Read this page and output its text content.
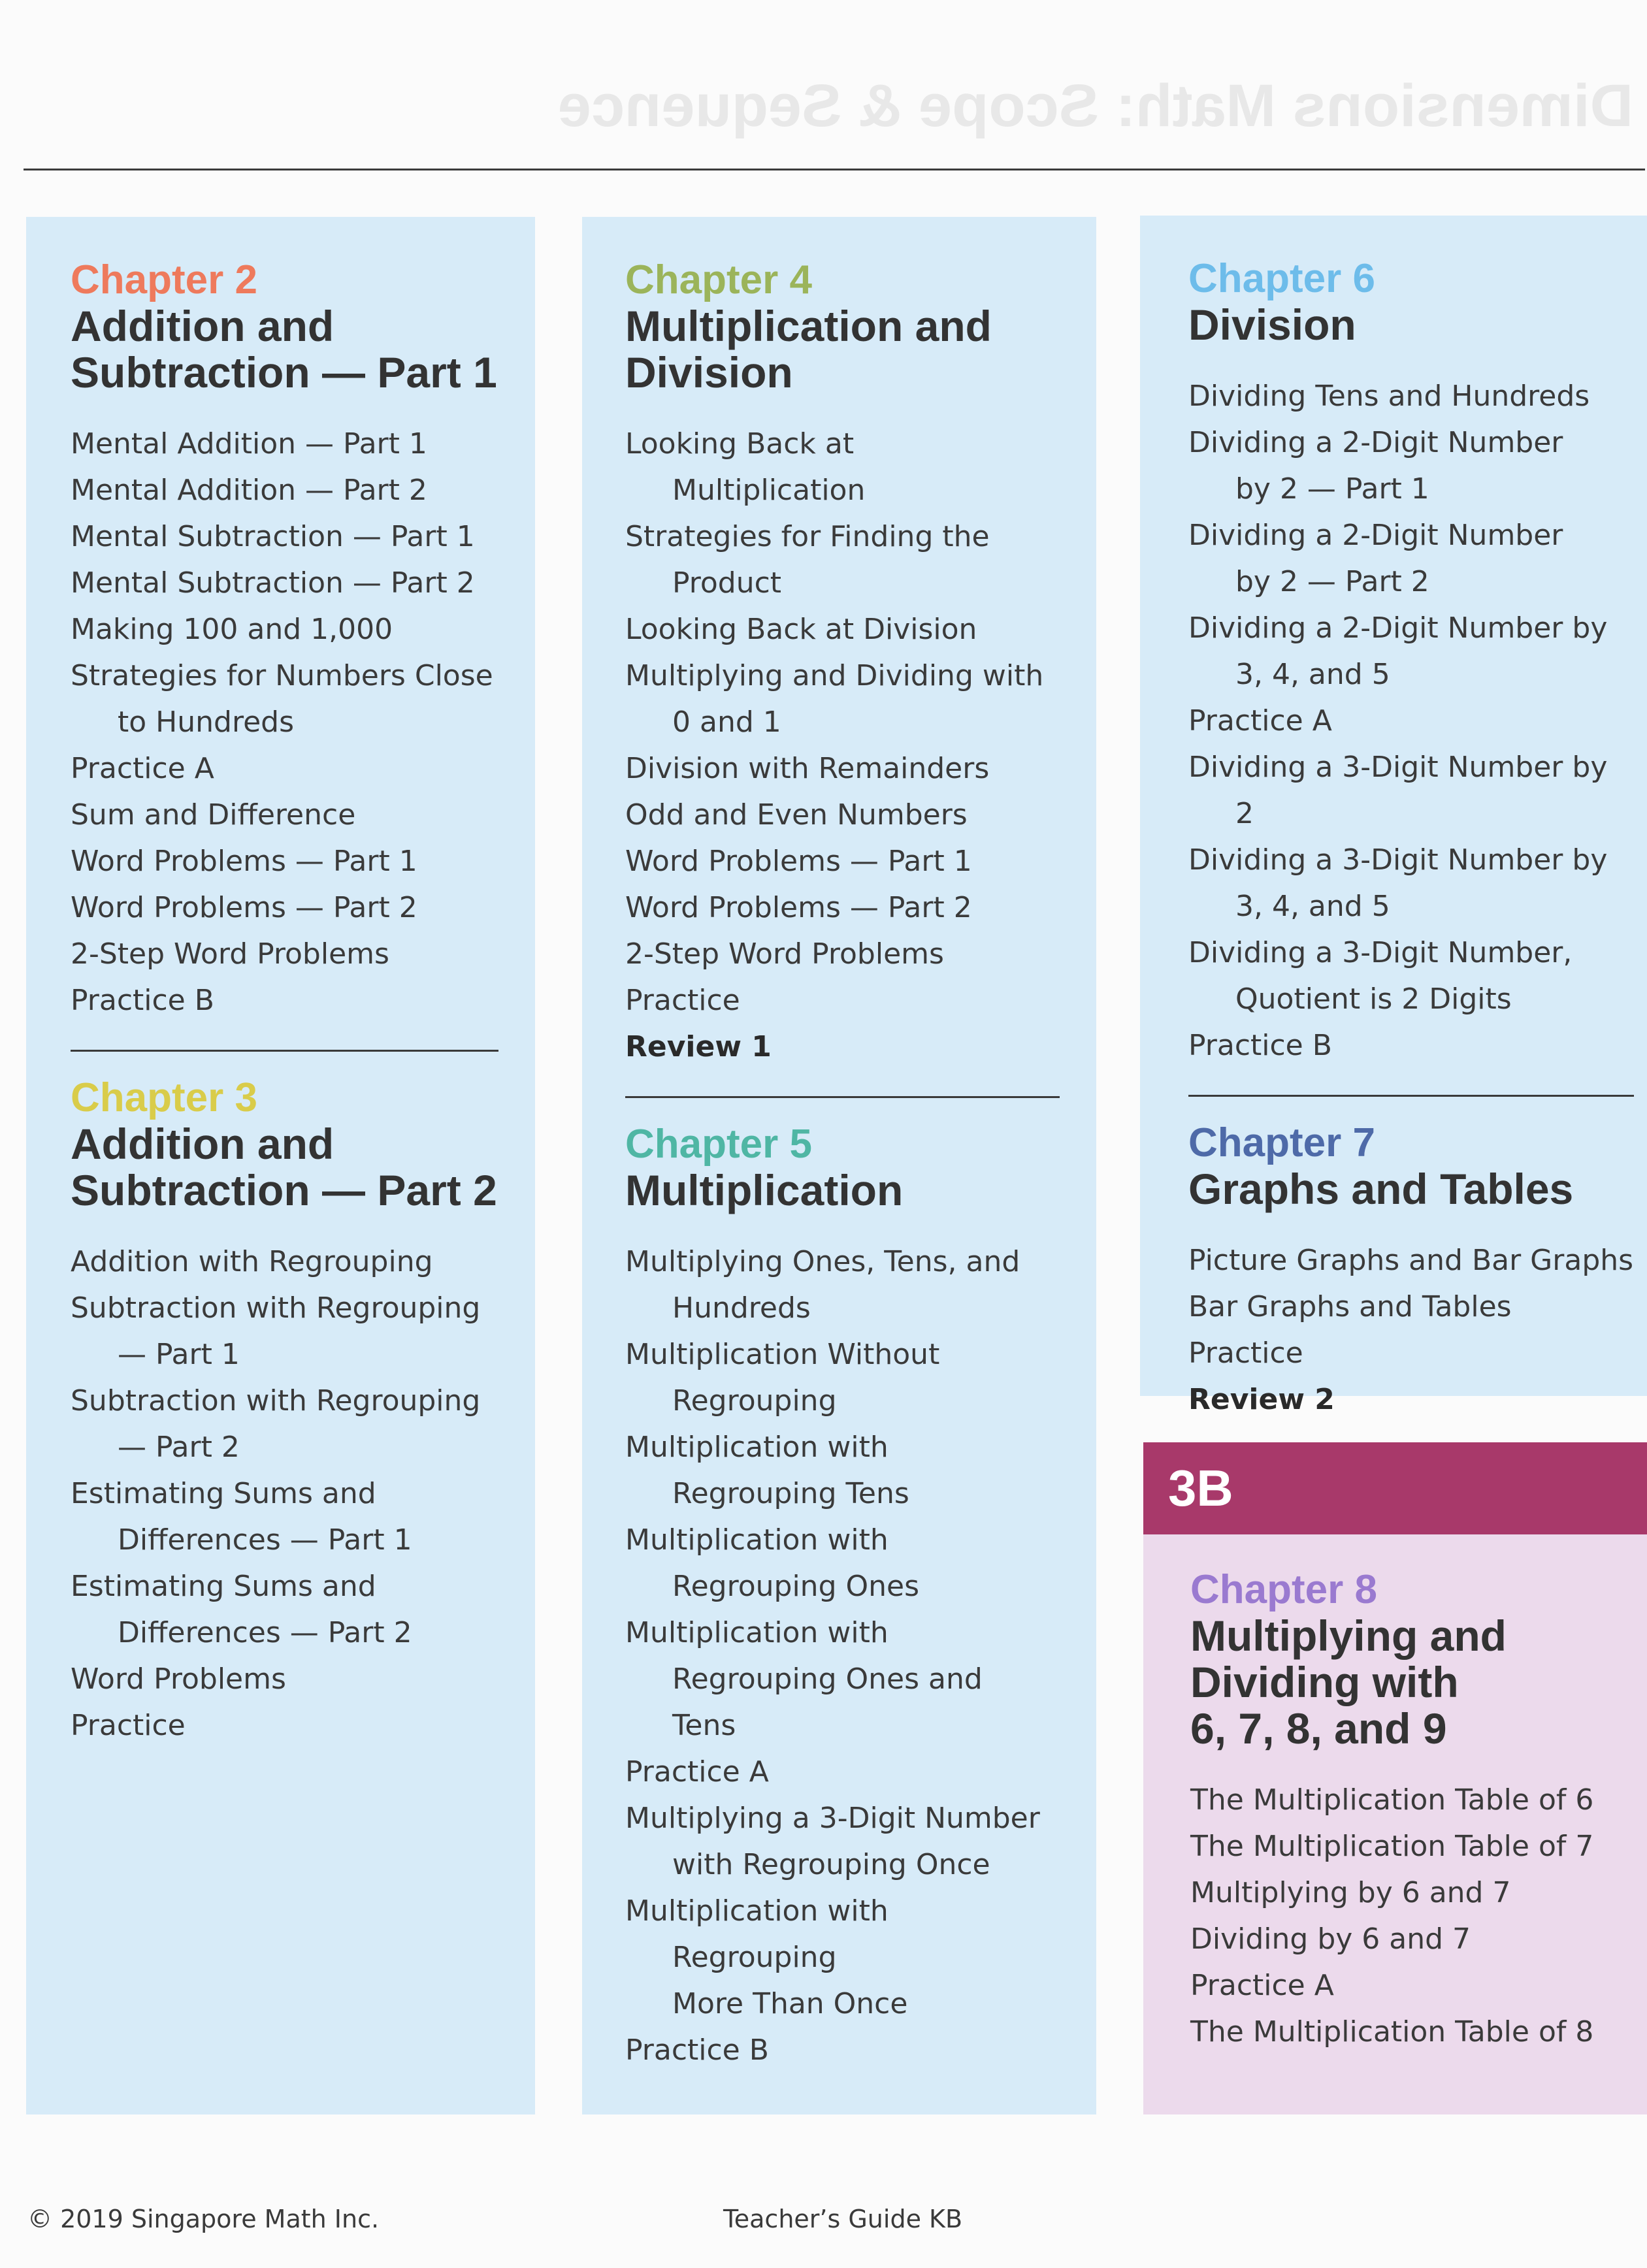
Dimensions Math: Scope & Sequence
Chapter 2
Addition and
Subtraction — Part 1
Mental Addition — Part 1
Mental Addition — Part 2
Mental Subtraction — Part 1
Mental Subtraction — Part 2
Making 100 and 1,000
Strategies for Numbers Close
to Hundreds
Practice A
Sum and Difference
Word Problems — Part 1
Word Problems — Part 2
2-Step Word Problems
Practice B
Chapter 3
Addition and
Subtraction — Part 2
Addition with Regrouping
Subtraction with Regrouping
— Part 1
Subtraction with Regrouping
— Part 2
Estimating Sums and
Differences — Part 1
Estimating Sums and
Differences — Part 2
Word Problems
Practice
Chapter 4
Multiplication and
Division
Looking Back at
Multiplication
Strategies for Finding the
Product
Looking Back at Division
Multiplying and Dividing with
0 and 1
Division with Remainders
Odd and Even Numbers
Word Problems — Part 1
Word Problems — Part 2
2-Step Word Problems
Practice
Review 1
Chapter 5
Multiplication
Multiplying Ones, Tens, and
Hundreds
Multiplication Without
Regrouping
Multiplication with
Regrouping Tens
Multiplication with
Regrouping Ones
Multiplication with
Regrouping Ones and
Tens
Practice A
Multiplying a 3-Digit Number
with Regrouping Once
Multiplication with Regrouping
More Than Once
Practice B
Chapter 6
Division
Dividing Tens and Hundreds
Dividing a 2-Digit Number
by 2 — Part 1
Dividing a 2-Digit Number
by 2 — Part 2
Dividing a 2-Digit Number by
3, 4, and 5
Practice A
Dividing a 3-Digit Number by 2
Dividing a 3-Digit Number by
3, 4, and 5
Dividing a 3-Digit Number,
Quotient is 2 Digits
Practice B
Chapter 7
Graphs and Tables
Picture Graphs and Bar Graphs
Bar Graphs and Tables
Practice
Review 2
3B
Chapter 8
Multiplying and
Dividing with
6, 7, 8, and 9
The Multiplication Table of 6
The Multiplication Table of 7
Multiplying by 6 and 7
Dividing by 6 and 7
Practice A
The Multiplication Table of 8
© 2019 Singapore Math Inc.	Teacher’s Guide KB
